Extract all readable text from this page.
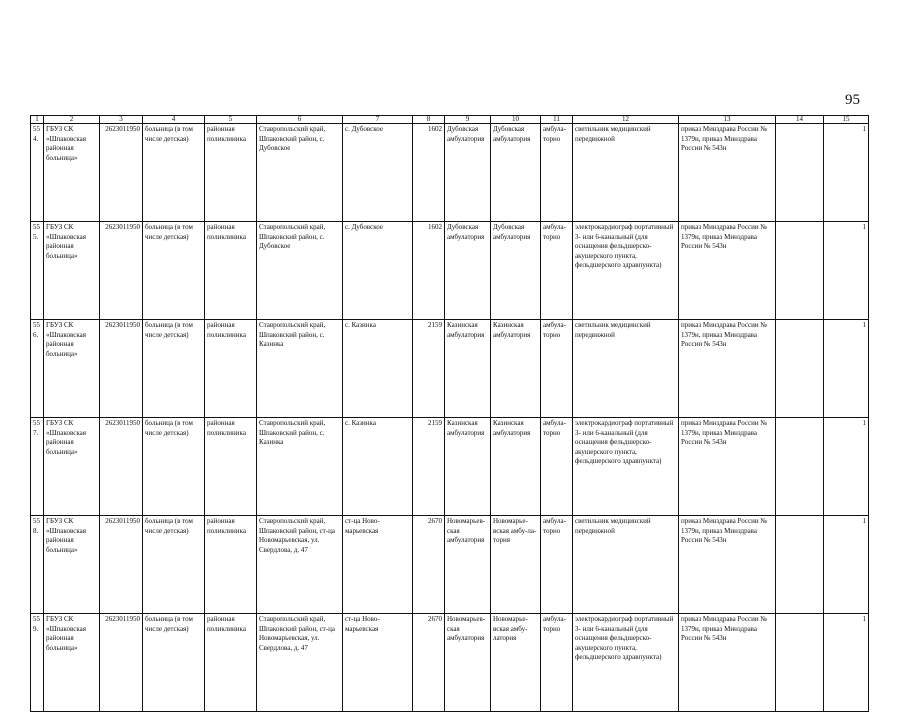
95
1	2	3	4	5	6	7	8	9	10	11	12	13	14	15	
554.	ГБУЗ СК «Шпаковская районная больница»	2623011950	больница (в том числе детская)	районная поликлиника	Ставропольский край, Шпаковский район, с. Дубовское	с. Дубовское	1602	Дубовская амбулатория	Дубовская амбулатория	амбула-торно	светильник медицинский передвижной	приказ Минздрава России № 1379н, приказ Минздрава России № 543н		1	
555.	ГБУЗ СК «Шпаковская районная больница»	2623011950	больница (в том числе детская)	районная поликлиника	Ставропольский край, Шпаковский район, с. Дубовское	с. Дубовское	1602	Дубовская амбулатория	Дубовская амбулатория	амбула-торно	электрокардиограф портативный 3- или 6-канальный (для оснащения фельдшерско-акушерского пункта, фельдшерского здравпункта)	приказ Минздрава России № 1379н, приказ Минздрава России № 543н		1	
556.	ГБУЗ СК «Шпаковская районная больница»	2623011950	больница (в том числе детская)	районная поликлиника	Ставропольский край, Шпаковский район, с. Казинка	с. Казинка	2159	Казинская амбулатория	Казинская амбулатория	амбула-торно	светильник медицинский передвижной	приказ Минздрава России № 1379н, приказ Минздрава России № 543н		1	
557.	ГБУЗ СК «Шпаковская районная больница»	2623011950	больница (в том числе детская)	районная поликлиника	Ставропольский край, Шпаковский район, с. Казинка	с. Казинка	2159	Казинская амбулатория	Казинская амбулатория	амбула-торно	электрокардиограф портативный 3- или 6-канальный (для оснащения фельдшерско-акушерского пункта, фельдшерского здравпункта)	приказ Минздрава России № 1379н, приказ Минздрава России № 543н		1	
558.	ГБУЗ СК «Шпаковская районная больница»	2623011950	больница (в том числе детская)	районная поликлиника	Ставропольский край, Шпаковский район, ст-ца Новомарьевская, ул. Свердлова, д. 47	ст-ца Ново-марьевская	2670	Новомарьев-ская амбулатория	Новомарье-вская амбу-ла-тория	амбула-торно	светильник медицинский передвижной	приказ Минздрава России № 1379н, приказ Минздрава России № 543н		1	
559.	ГБУЗ СК «Шпаковская районная больница»	2623011950	больница (в том числе детская)	районная поликлиника	Ставропольский край, Шпаковский район, ст-ца Новомарьевская, ул. Свердлова, д. 47	ст-ца Ново-марьевская	2670	Новомарьев-ская амбулатория	Новомарье-вская амбу-латория	амбула-торно	электрокардиограф портативный 3- или 6-канальный (для оснащения фельдшерско-акушерского пункта, фельдшерского здравпункта)	приказ Минздрава России № 1379н, приказ Минздрава России № 543н		1	
